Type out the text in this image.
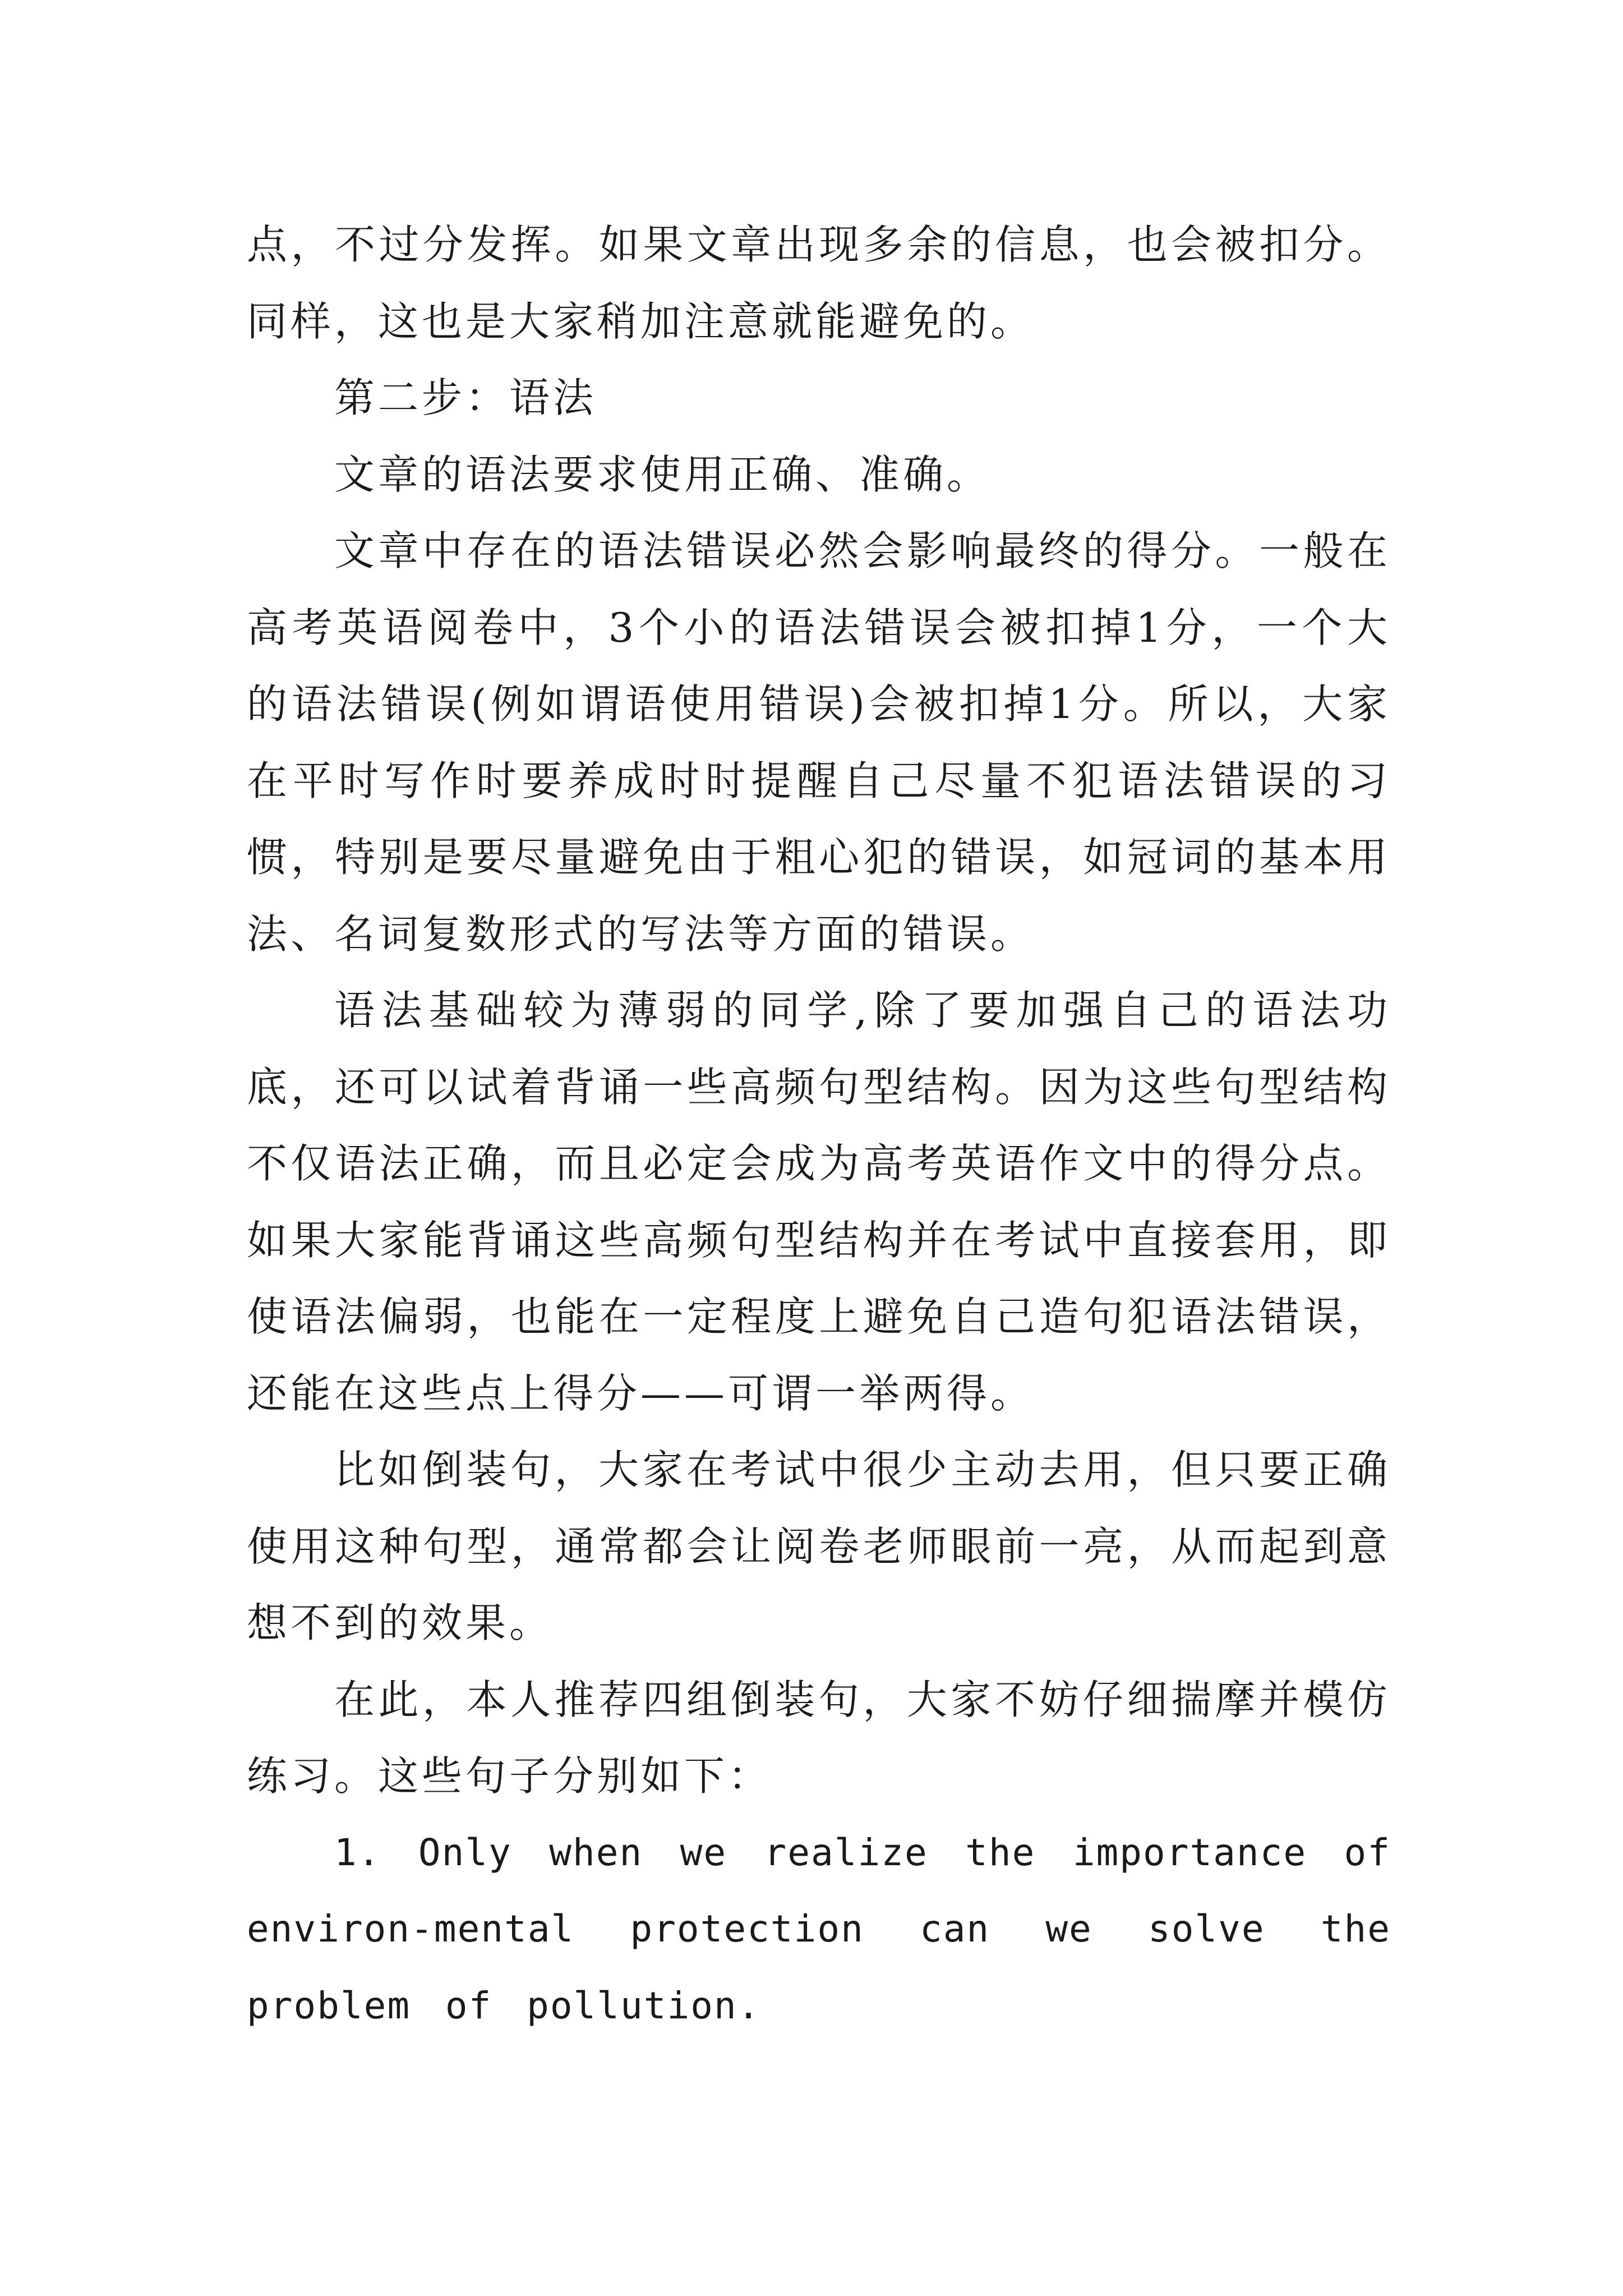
点，不过分发挥。如果文章出现多余的信息，也会被扣分。同样，这也是大家稍加注意就能避免的。

第二步：语法

文章的语法要求使用正确、准确。

文章中存在的语法错误必然会影响最终的得分。一般在高考英语阅卷中，3个小的语法错误会被扣掉1分，一个大的语法错误(例如谓语使用错误)会被扣掉1分。所以，大家在平时写作时要养成时时提醒自己尽量不犯语法错误的习惯，特别是要尽量避免由于粗心犯的错误，如冠词的基本用法、名词复数形式的写法等方面的错误。

语法基础较为薄弱的同学,除了要加强自己的语法功底，还可以试着背诵一些高频句型结构。因为这些句型结构不仅语法正确，而且必定会成为高考英语作文中的得分点。如果大家能背诵这些高频句型结构并在考试中直接套用，即使语法偏弱，也能在一定程度上避免自己造句犯语法错误，还能在这些点上得分——可谓一举两得。

比如倒装句，大家在考试中很少主动去用，但只要正确使用这种句型，通常都会让阅卷老师眼前一亮，从而起到意想不到的效果。

在此，本人推荐四组倒装句，大家不妨仔细揣摩并模仿练习。这些句子分别如下：

1. Only when we realize the importance of environ-mental protection can we solve the problem of pollution.
